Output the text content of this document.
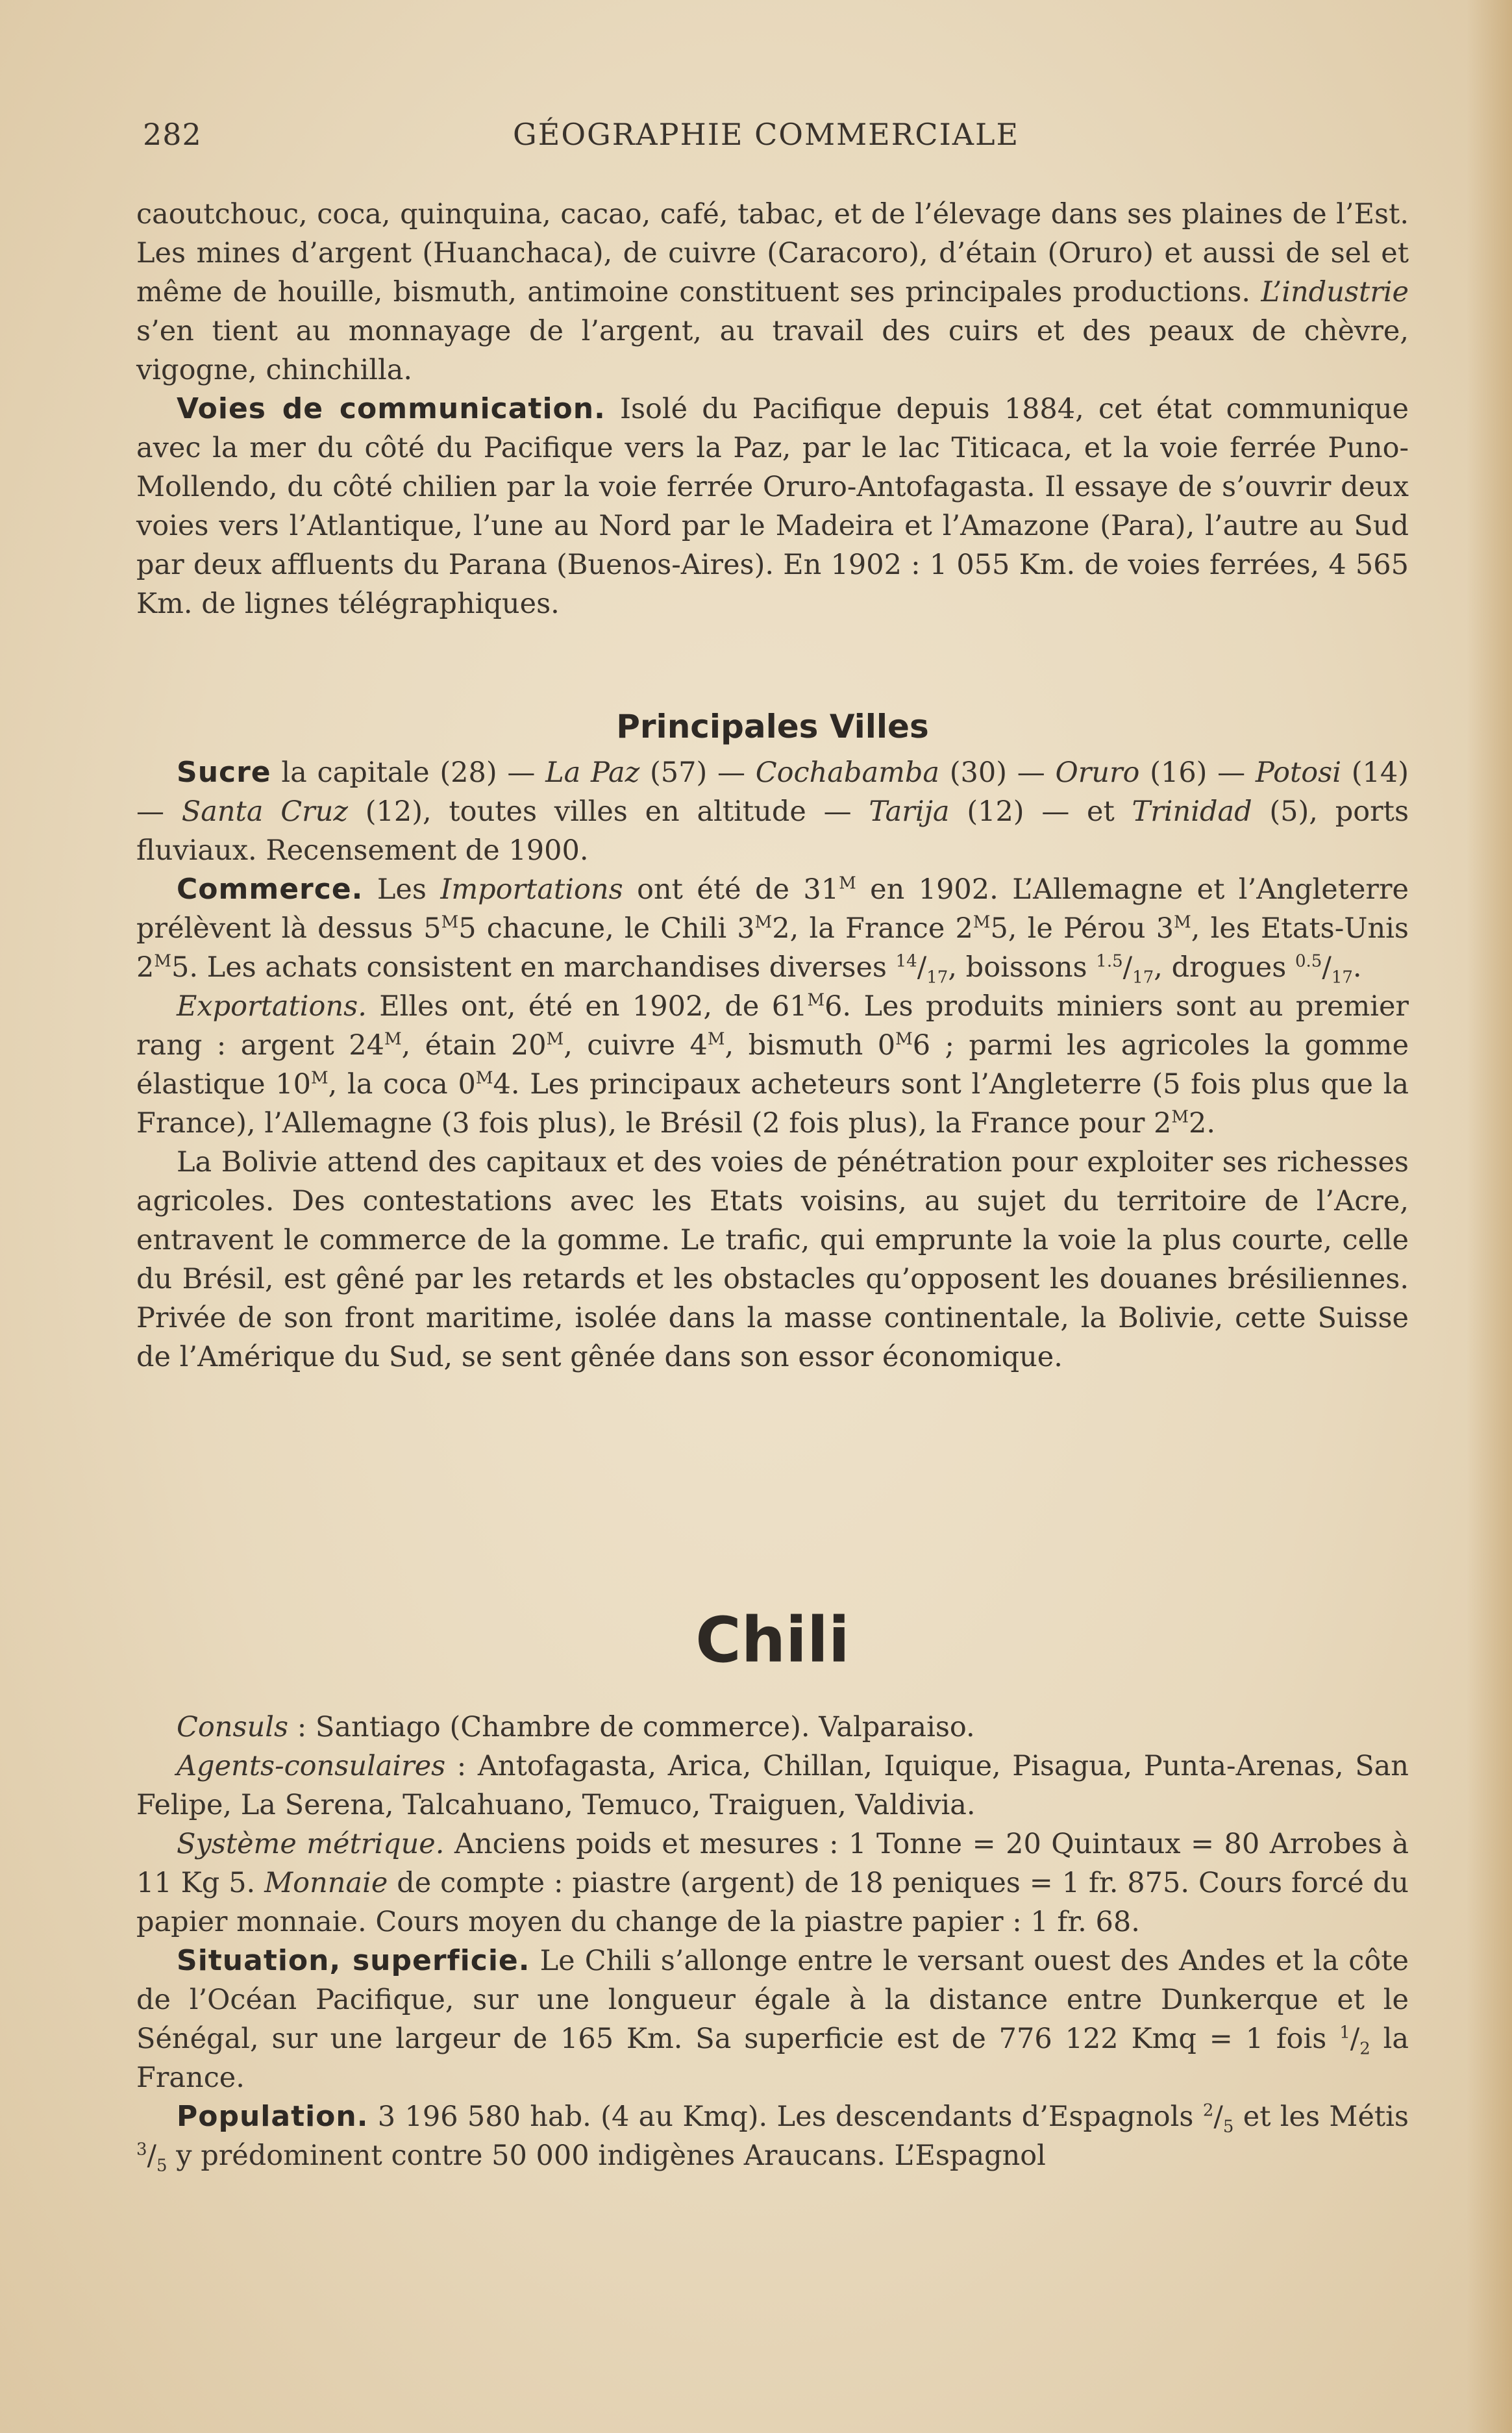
282	GÉOGRAPHIE COMMERCIALE

caoutchouc, coca, quinquina, cacao, café, tabac, et de l’élevage dans ses plaines de l’Est. Les mines d’argent (Huanchaca), de cuivre (Caracoro), d’étain (Oruro) et aussi de sel et même de houille, bismuth, antimoine constituent ses principales productions. L’industrie s’en tient au monnayage de l’argent, au travail des cuirs et des peaux de chèvre, vigogne, chinchilla.

Voies de communication. Isolé du Pacifique depuis 1884, cet état communique avec la mer du côté du Pacifique vers la Paz, par le lac Titicaca, et la voie ferrée Puno-Mollendo, du côté chilien par la voie ferrée Oruro-Antofagasta. Il essaye de s’ouvrir deux voies vers l’Atlantique, l’une au Nord par le Madeira et l’Amazone (Para), l’autre au Sud par deux affluents du Parana (Buenos-Aires). En 1902 : 1 055 Km. de voies ferrées, 4 565 Km. de lignes télégraphiques.

Principales Villes

Sucre la capitale (28) — La Paz (57) — Cochabamba (30) — Oruro (16) — Potosi (14) — Santa Cruz (12), toutes villes en altitude — Tarija (12) — et Trinidad (5), ports fluviaux. Recensement de 1900.

Commerce. Les Importations ont été de $31^M$ en 1902. L’Allemagne et l’Angleterre prélèvent là dessus $5^M5$ chacune, le Chili $3^M2$, la France $2^M5$, le Pérou $3^M$, les Etats-Unis $2^M5$. Les achats consistent en marchandises diverses $^{14}/_{17}$, boissons $^{1.5}/_{17}$, drogues $^{0.5}/_{17}$.

Exportations. Elles ont, été en 1902, de $61^M6$. Les produits miniers sont au premier rang : argent $24^M$, étain $20^M$, cuivre $4^M$, bismuth $0^M6$ ; parmi les agricoles la gomme élastique $10^M$, la coca $0^M4$. Les principaux acheteurs sont l’Angleterre (5 fois plus que la France), l’Allemagne (3 fois plus), le Brésil (2 fois plus), la France pour $2^M2$.

La Bolivie attend des capitaux et des voies de pénétration pour exploiter ses richesses agricoles. Des contestations avec les Etats voisins, au sujet du territoire de l’Acre, entravent le commerce de la gomme. Le trafic, qui emprunte la voie la plus courte, celle du Brésil, est gêné par les retards et les obstacles qu’opposent les douanes brésiliennes. Privée de son front maritime, isolée dans la masse continentale, la Bolivie, cette Suisse de l’Amérique du Sud, se sent gênée dans son essor économique.

Chili

Consuls : Santiago (Chambre de commerce). Valparaiso.

Agents-consulaires : Antofagasta, Arica, Chillan, Iquique, Pisagua, Punta-Arenas, San Felipe, La Serena, Talcahuano, Temuco, Traiguen, Valdivia.

Système métrique. Anciens poids et mesures : 1 Tonne = 20 Quintaux = 80 Arrobes à 11 Kg 5. Monnaie de compte : piastre (argent) de 18 peniques = 1 fr. 875. Cours forcé du papier monnaie. Cours moyen du change de la piastre papier : 1 fr. 68.

Situation, superficie. Le Chili s’allonge entre le versant ouest des Andes et la côte de l’Océan Pacifique, sur une longueur égale à la distance entre Dunkerque et le Sénégal, sur une largeur de 165 Km. Sa superficie est de 776 122 Kmq = 1 fois $^1/_2$ la France.

Population. 3 196 580 hab. (4 au Kmq). Les descendants d’Espagnols $^2/_5$ et les Métis $^3/_5$ y prédominent contre 50 000 indigènes Araucans. L’Espagnol
